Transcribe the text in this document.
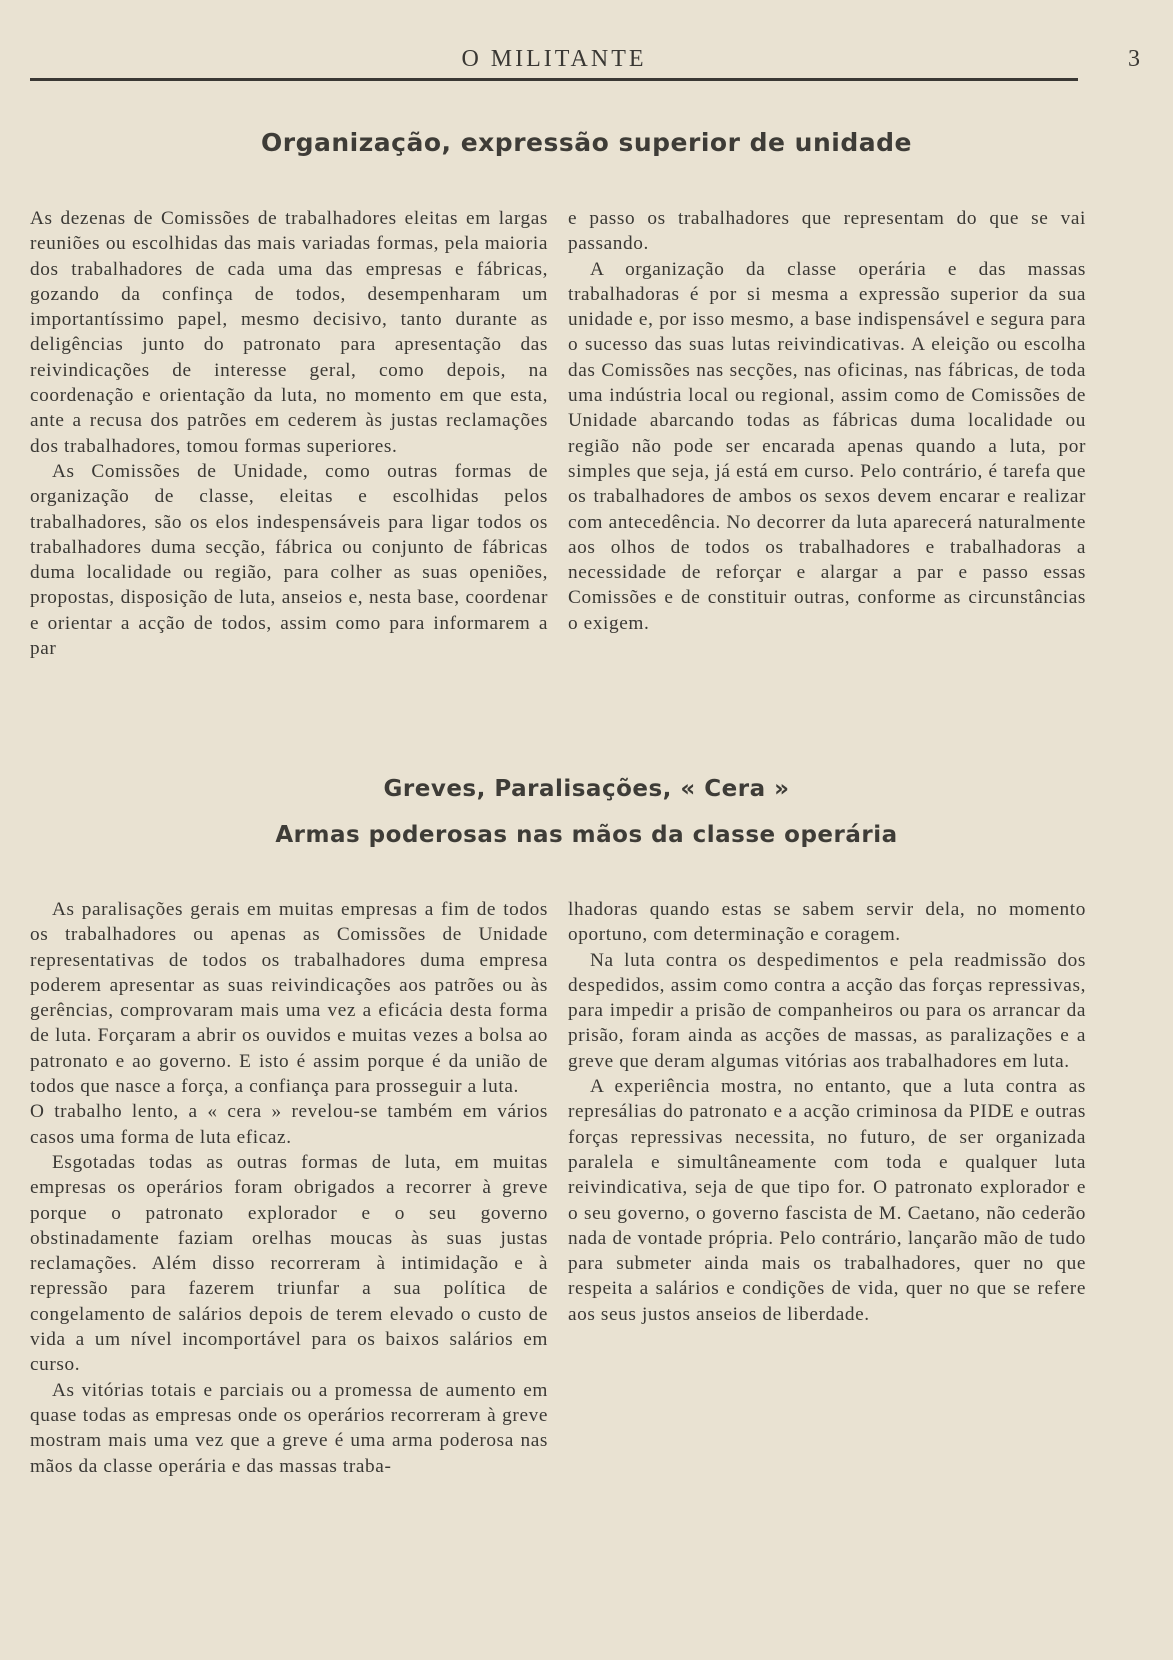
O MILITANTE	3
Organização, expressão superior de unidade

As dezenas de Comissões de trabalhadores eleitas em largas reuniões ou escolhidas das mais variadas formas, pela maioria dos trabalhadores de cada uma das empresas e fábricas, gozando da confinça de todos, desempenharam um importantíssimo papel, mesmo decisivo, tanto durante as deligências junto do patronato para apresentação das reivindicações de interesse geral, como depois, na coordenação e orientação da luta, no momento em que esta, ante a recusa dos patrões em cederem às justas reclamações dos trabalhadores, tomou formas superiores.

As Comissões de Unidade, como outras formas de organização de classe, eleitas e escolhidas pelos trabalhadores, são os elos indespensáveis para ligar todos os trabalhadores duma secção, fábrica ou conjunto de fábricas duma localidade ou região, para colher as suas openiões, propostas, disposição de luta, anseios e, nesta base, coordenar e orientar a acção de todos, assim como para informarem a par

e passo os trabalhadores que representam do que se vai passando.

A organização da classe operária e das massas trabalhadoras é por si mesma a expressão superior da sua unidade e, por isso mesmo, a base indispensável e segura para o sucesso das suas lutas reivindicativas. A eleição ou escolha das Comissões nas secções, nas oficinas, nas fábricas, de toda uma indústria local ou regional, assim como de Comissões de Unidade abarcando todas as fábricas duma localidade ou região não pode ser encarada apenas quando a luta, por simples que seja, já está em curso. Pelo contrário, é tarefa que os trabalhadores de ambos os sexos devem encarar e realizar com antecedência. No decorrer da luta aparecerá naturalmente aos olhos de todos os trabalhadores e trabalhadoras a necessidade de reforçar e alargar a par e passo essas Comissões e de constituir outras, conforme as circunstâncias o exigem.

Greves, Paralisações, « Cera »
Armas poderosas nas mãos da classe operária

As paralisações gerais em muitas empresas a fim de todos os trabalhadores ou apenas as Comissões de Unidade representativas de todos os trabalhadores duma empresa poderem apresentar as suas reivindicações aos patrões ou às gerências, comprovaram mais uma vez a eficácia desta forma de luta. Forçaram a abrir os ouvidos e muitas vezes a bolsa ao patronato e ao governo. E isto é assim porque é da união de todos que nasce a força, a confiança para prosseguir a luta.

O trabalho lento, a « cera » revelou-se também em vários casos uma forma de luta eficaz.

Esgotadas todas as outras formas de luta, em muitas empresas os operários foram obrigados a recorrer à greve porque o patronato explorador e o seu governo obstinadamente faziam orelhas moucas às suas justas reclamações. Além disso recorreram à intimidação e à repressão para fazerem triunfar a sua política de congelamento de salários depois de terem elevado o custo de vida a um nível incomportável para os baixos salários em curso.

As vitórias totais e parciais ou a promessa de aumento em quase todas as empresas onde os operários recorreram à greve mostram mais uma vez que a greve é uma arma poderosa nas mãos da classe operária e das massas traba-

lhadoras quando estas se sabem servir dela, no momento oportuno, com determinação e coragem.

Na luta contra os despedimentos e pela readmissão dos despedidos, assim como contra a acção das forças repressivas, para impedir a prisão de companheiros ou para os arrancar da prisão, foram ainda as acções de massas, as paralizações e a greve que deram algumas vitórias aos trabalhadores em luta.

A experiência mostra, no entanto, que a luta contra as represálias do patronato e a acção criminosa da PIDE e outras forças repressivas necessita, no futuro, de ser organizada paralela e simultâneamente com toda e qualquer luta reivindicativa, seja de que tipo for. O patronato explorador e o seu governo, o governo fascista de M. Caetano, não cederão nada de vontade própria. Pelo contrário, lançarão mão de tudo para submeter ainda mais os trabalhadores, quer no que respeita a salários e condições de vida, quer no que se refere aos seus justos anseios de liberdade.
